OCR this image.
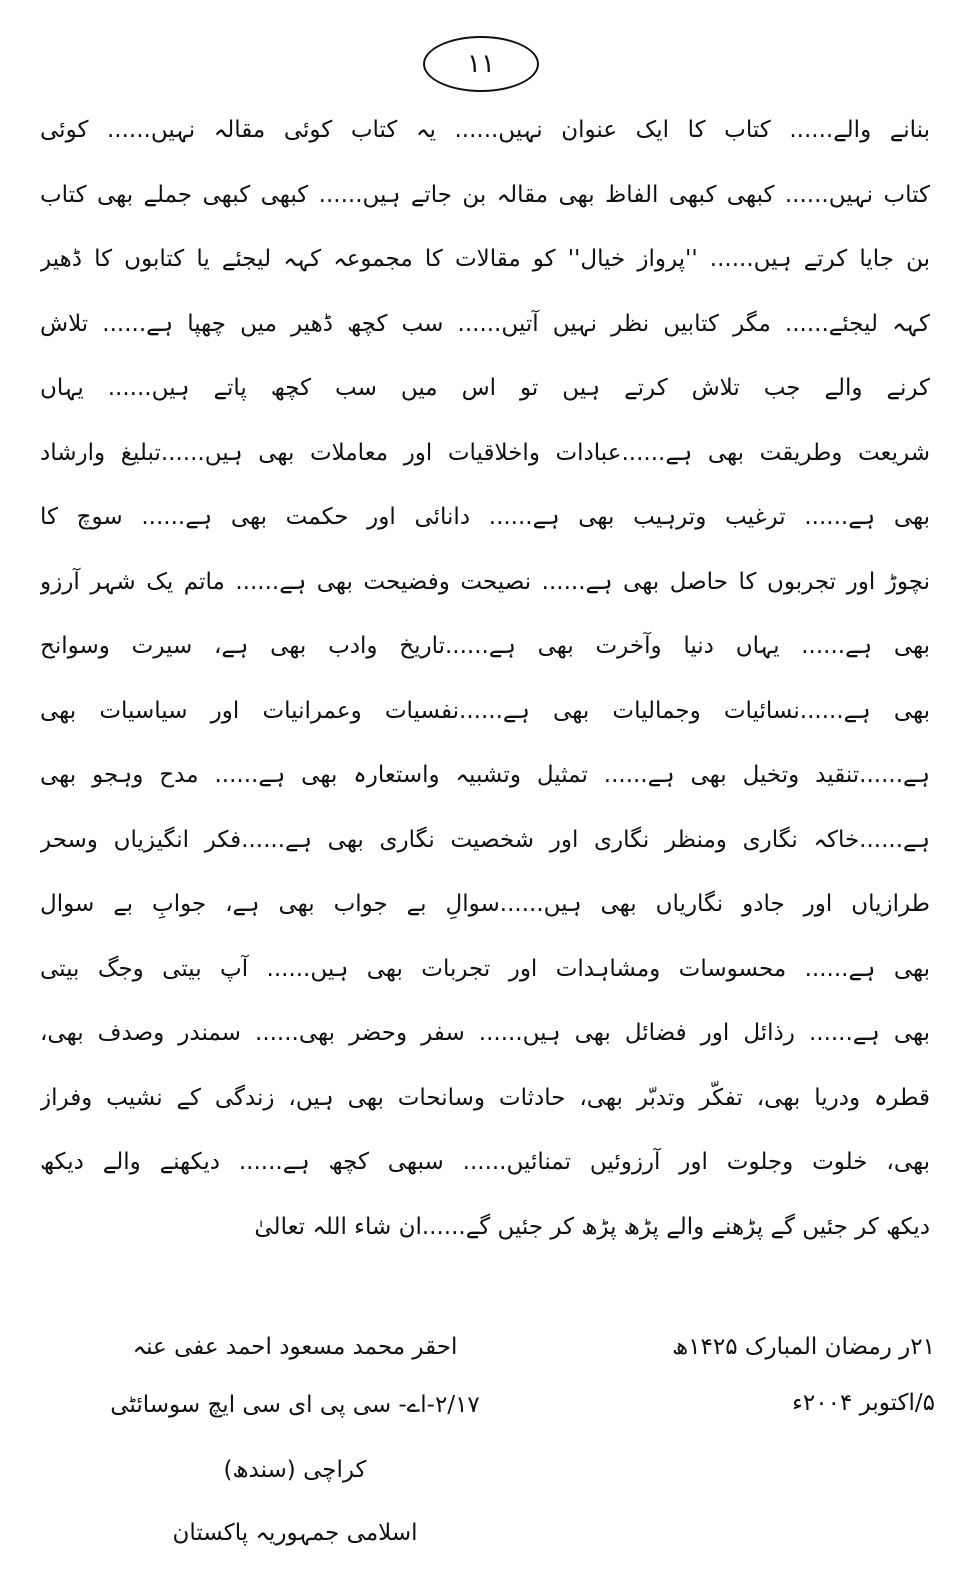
۱۱
بنانے والے...... کتاب کا ایک عنوان نہیں...... یہ کتاب کوئی مقالہ نہیں...... کوئی
کتاب نہیں...... کبھی کبھی الفاظ بھی مقالہ بن جاتے ہیں...... کبھی کبھی جملے بھی کتاب
بن جایا کرتے ہیں...... ''پرواز خیال'' کو مقالات کا مجموعہ کہہ لیجئے یا کتابوں کا ڈھیر
کہہ لیجئے...... مگر کتابیں نظر نہیں آتیں...... سب کچھ ڈھیر میں چھپا ہے...... تلاش
کرنے والے جب تلاش کرتے ہیں تو اس میں سب کچھ پاتے ہیں...... یہاں
شریعت وطریقت بھی ہے......عبادات واخلاقیات اور معاملات بھی ہیں......تبلیغ وارشاد
بھی ہے...... ترغیب وترہیب بھی ہے...... دانائی اور حکمت بھی ہے...... سوچ کا
نچوڑ اور تجربوں کا حاصل بھی ہے...... نصیحت وفضیحت بھی ہے...... ماتم یک شہر آرزو
بھی ہے...... یہاں دنیا وآخرت بھی ہے......تاریخ وادب بھی ہے، سیرت وسوانح
بھی ہے......نسائیات وجمالیات بھی ہے......نفسیات وعمرانیات اور سیاسیات بھی
ہے......تنقید وتخیل بھی ہے...... تمثیل وتشبیہ واستعارہ بھی ہے...... مدح وہجو بھی
ہے......خاکہ نگاری ومنظر نگاری اور شخصیت نگاری بھی ہے......فکر انگیزیاں وسحر
طرازیاں اور جادو نگاریاں بھی ہیں......سوالِ بے جواب بھی ہے، جوابِ بے سوال
بھی ہے...... محسوسات ومشاہدات اور تجربات بھی ہیں...... آپ بیتی وجگ بیتی
بھی ہے...... رذائل اور فضائل بھی ہیں...... سفر وحضر بھی...... سمندر وصدف بھی،
قطرہ ودریا بھی، تفکّر وتدبّر بھی، حادثات وسانحات بھی ہیں، زندگی کے نشیب وفراز
بھی، خلوت وجلوت اور آرزوئیں تمنائیں...... سبھی کچھ ہے...... دیکھنے والے دیکھ
دیکھ کر جئیں گے پڑھنے والے پڑھ پڑھ کر جئیں گے......ان شاء اللہ تعالیٰ
احقر محمد مسعود احمد عفی عنہ
۲/۱۷-اے- سی پی ای سی ایچ سوسائٹی
کراچی (سندھ)
اسلامی جمہوریہ پاکستان
۲۱ر رمضان المبارک ۱۴۲۵ھ
۵/اکتوبر ۲۰۰۴ء
